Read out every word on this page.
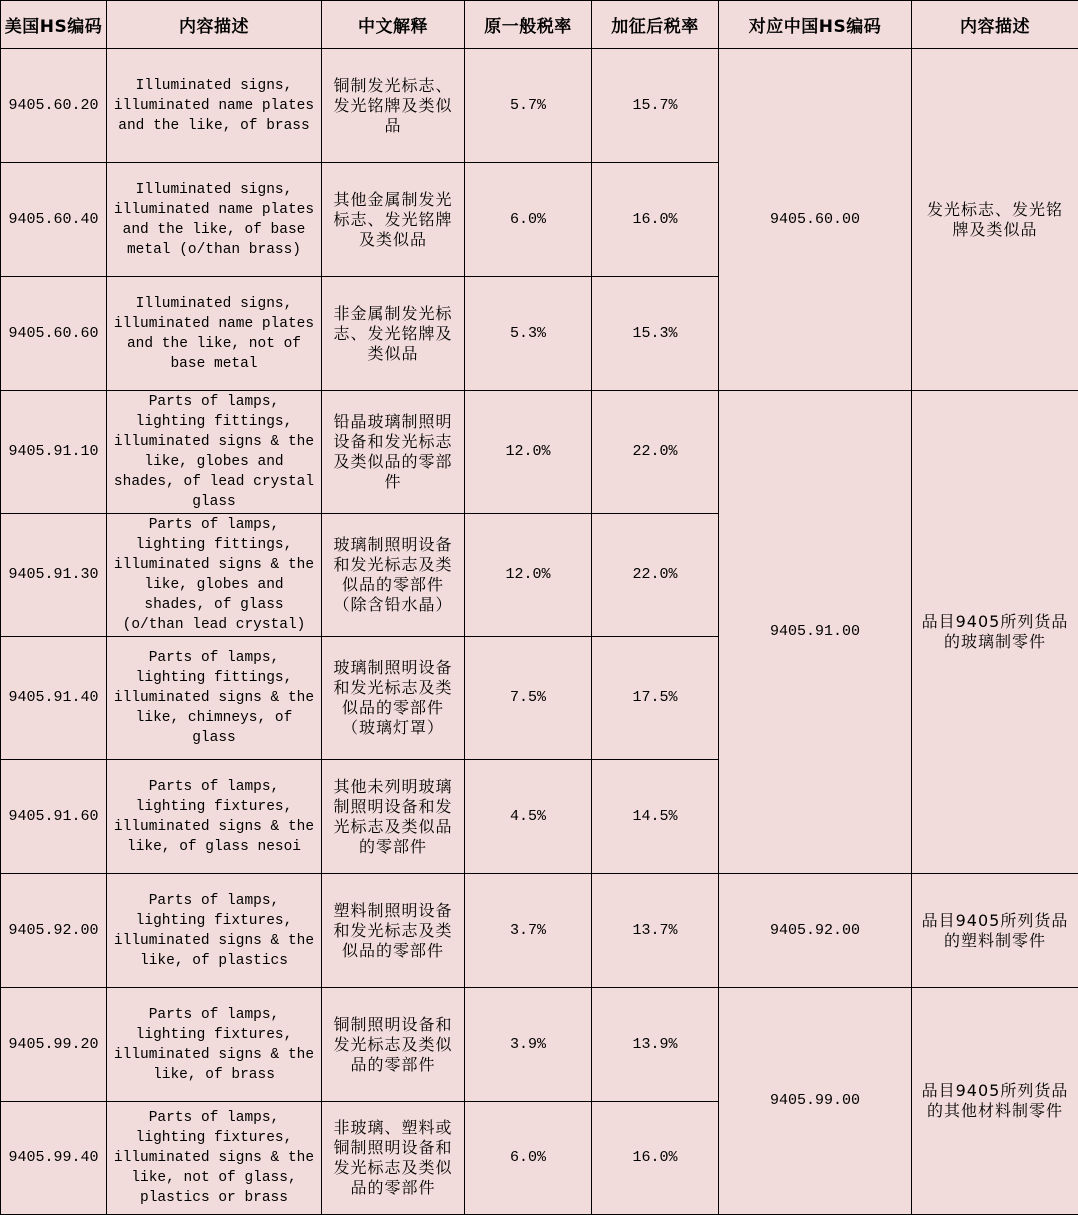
美国HS编码	内容描述	中文解释	原一般税率	加征后税率	对应中国HS编码	内容描述
9405.60.20	Illuminated signs, illuminated name plates and the like, of brass	铜制发光标志、发光铭牌及类似品	5.7%	15.7%	9405.60.00	发光标志、发光铭牌及类似品
9405.60.40	Illuminated signs, illuminated name plates and the like, of base metal (o/than brass)	其他金属制发光标志、发光铭牌及类似品	6.0%	16.0%		
9405.60.60	Illuminated signs, illuminated name plates and the like, not of base metal	非金属制发光标志、发光铭牌及类似品	5.3%	15.3%		
9405.91.10	Parts of lamps, lighting fittings, illuminated signs & the like, globes and shades, of lead crystal glass	铅晶玻璃制照明设备和发光标志及类似品的零部件	12.0%	22.0%	9405.91.00	品目9405所列货品的玻璃制零件
9405.91.30	Parts of lamps, lighting fittings, illuminated signs & the like, globes and shades, of glass (o/than lead crystal)	玻璃制照明设备和发光标志及类似品的零部件（除含铅水晶）	12.0%	22.0%		
9405.91.40	Parts of lamps, lighting fittings, illuminated signs & the like, chimneys, of glass	玻璃制照明设备和发光标志及类似品的零部件（玻璃灯罩）	7.5%	17.5%		
9405.91.60	Parts of lamps, lighting fixtures, illuminated signs & the like, of glass nesoi	其他未列明玻璃制照明设备和发光标志及类似品的零部件	4.5%	14.5%		
9405.92.00	Parts of lamps, lighting fixtures, illuminated signs & the like, of plastics	塑料制照明设备和发光标志及类似品的零部件	3.7%	13.7%	9405.92.00	品目9405所列货品的塑料制零件
9405.99.20	Parts of lamps, lighting fixtures, illuminated signs & the like, of brass	铜制照明设备和发光标志及类似品的零部件	3.9%	13.9%	9405.99.00	品目9405所列货品的其他材料制零件
9405.99.40	Parts of lamps, lighting fixtures, illuminated signs & the like, not of glass, plastics or brass	非玻璃、塑料或铜制照明设备和发光标志及类似品的零部件	6.0%	16.0%		
